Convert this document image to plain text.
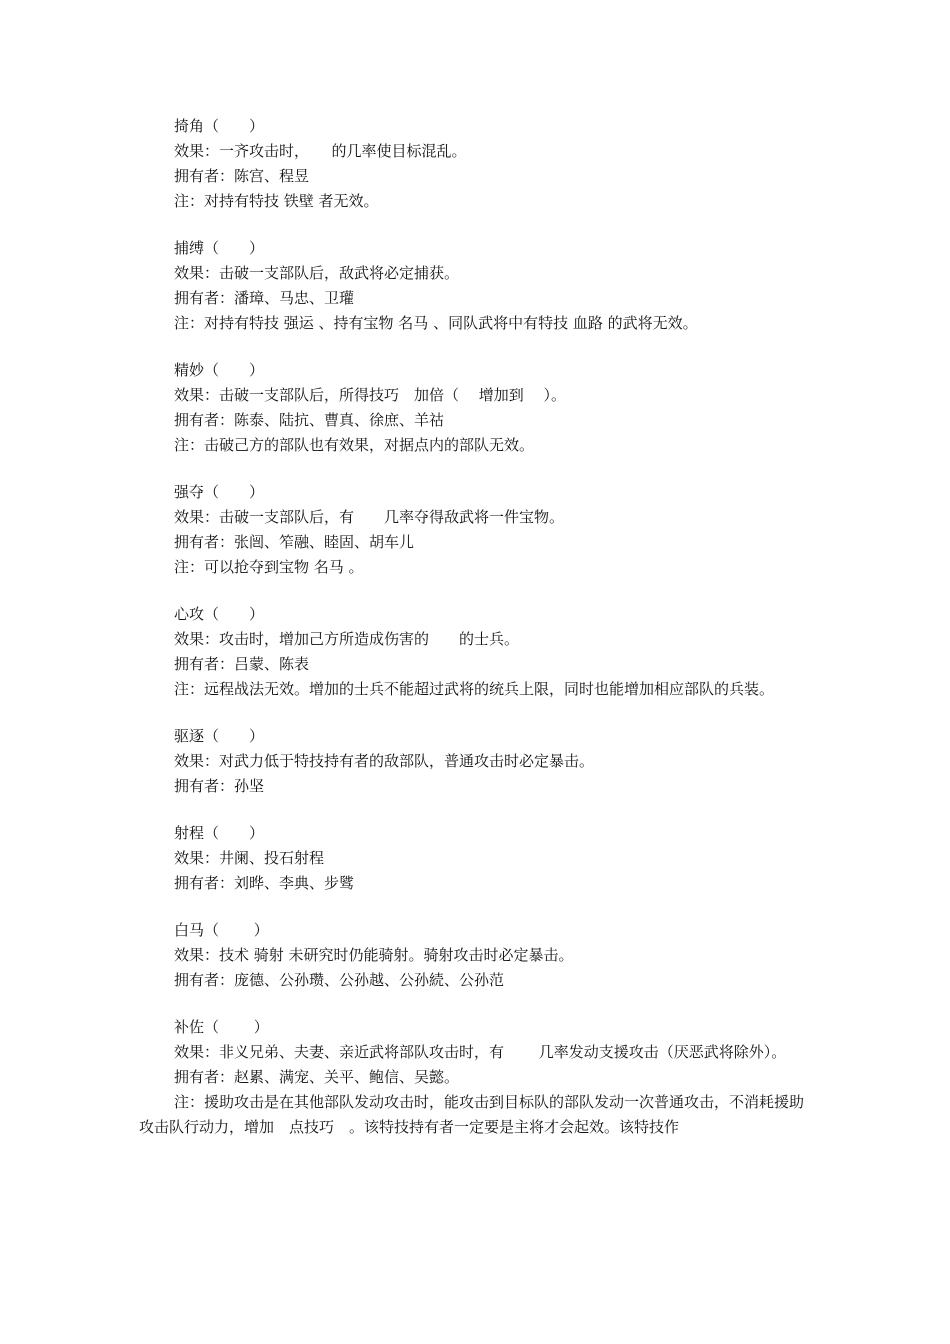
掎角（　　）
效果：一齐攻击时，　　的几率使目标混乱。
拥有者：陈宫、程昱
注：对持有特技 铁壁 者无效。
捕缚（　　）
效果：击破一支部队后，敌武将必定捕获。
拥有者：潘璋、马忠、卫瓘
注：对持有特技 强运 、持有宝物 名马 、同队武将中有特技 血路 的武将无效。
精妙（　　）
效果：击破一支部队后，所得技巧　加倍（　 增加到　 ）。
拥有者：陈泰、陆抗、曹真、徐庶、羊祜
注：击破己方的部队也有效果，对据点内的部队无效。
强夺（　　）
效果：击破一支部队后，有　　几率夺得敌武将一件宝物。
拥有者：张闿、笮融、睦固、胡车儿
注：可以抢夺到宝物 名马 。
心攻（　　）
效果：攻击时，增加己方所造成伤害的　　的士兵。
拥有者：吕蒙、陈表
注：远程战法无效。增加的士兵不能超过武将的统兵上限，同时也能增加相应部队的兵装。
驱逐（　　）
效果：对武力低于特技持有者的敌部队，普通攻击时必定暴击。
拥有者：孙坚
射程（　　）
效果：井阑、投石射程
拥有者：刘晔、李典、步骘
白马（　　 ）
效果：技术 骑射 未研究时仍能骑射。骑射攻击时必定暴击。
拥有者：庞德、公孙瓒、公孙越、公孙続、公孙范
补佐（　　 ）
效果：非义兄弟、夫妻、亲近武将部队攻击时，有　　 几率发动支援攻击（厌恶武将除外）。
拥有者：赵累、满宠、关平、鲍信、吴懿。
注：援助攻击是在其他部队发动攻击时，能攻击到目标队的部队发动一次普通攻击，不消耗援助攻击队行动力，增加　点技巧　。该特技持有者一定要是主将才会起效。该特技作
